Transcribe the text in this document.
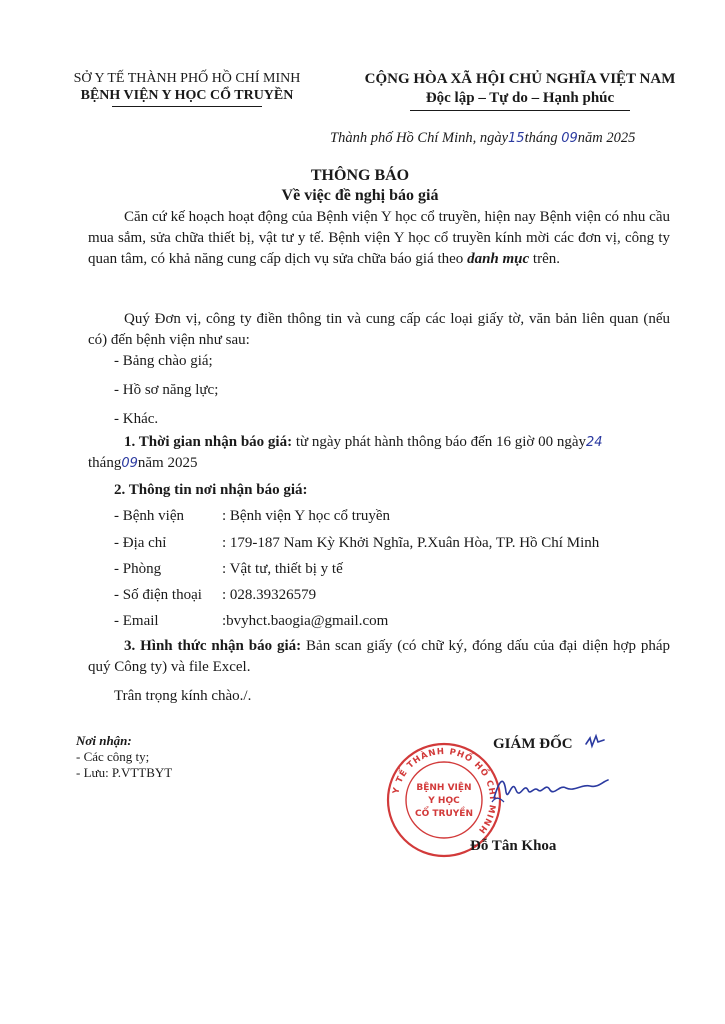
SỞ Y TẾ THÀNH PHỐ HỒ CHÍ MINH
BỆNH VIỆN Y HỌC CỔ TRUYỀN
CỘNG HÒA XÃ HỘI CHỦ NGHĨA VIỆT NAM
Độc lập – Tự do – Hạnh phúc
Thành phố Hồ Chí Minh, ngày15tháng 09năm 2025
THÔNG BÁO
Về việc đề nghị báo giá
Căn cứ kế hoạch hoạt động của Bệnh viện Y học cổ truyền, hiện nay Bệnh viện có nhu cầu mua sắm, sửa chữa thiết bị, vật tư y tế. Bệnh viện Y học cổ truyền kính mời các đơn vị, công ty quan tâm, có khả năng cung cấp dịch vụ sửa chữa báo giá theo danh mục trên.
Quý Đơn vị, công ty điền thông tin và cung cấp các loại giấy tờ, văn bản liên quan (nếu có) đến bệnh viện như sau:
- Bảng chào giá;
- Hồ sơ năng lực;
- Khác.
1. Thời gian nhận báo giá: từ ngày phát hành thông báo đến 16 giờ 00 ngày24
tháng09năm 2025
2. Thông tin nơi nhận báo giá:
- Bệnh viện	: Bệnh viện Y học cổ truyền
- Địa chỉ	: 179-187 Nam Kỳ Khởi Nghĩa, P.Xuân Hòa, TP. Hồ Chí Minh
- Phòng	: Vật tư, thiết bị y tế
- Số điện thoại : 028.39326579
- Email	:bvyhct.baogia@gmail.com
3. Hình thức nhận báo giá: Bản scan giấy (có chữ ký, đóng dấu của đại diện hợp pháp quý Công ty) và file Excel.
Trân trọng kính chào./.
Nơi nhận:
- Các công ty;
- Lưu: P.VTTBYT
GIÁM ĐỐC
Y TẾ THÀNH PHỐ HỒ CHÍ MINH
BỆNH VIỆN
Y HỌC
CỔ TRUYỀN
Đỗ Tân Khoa
